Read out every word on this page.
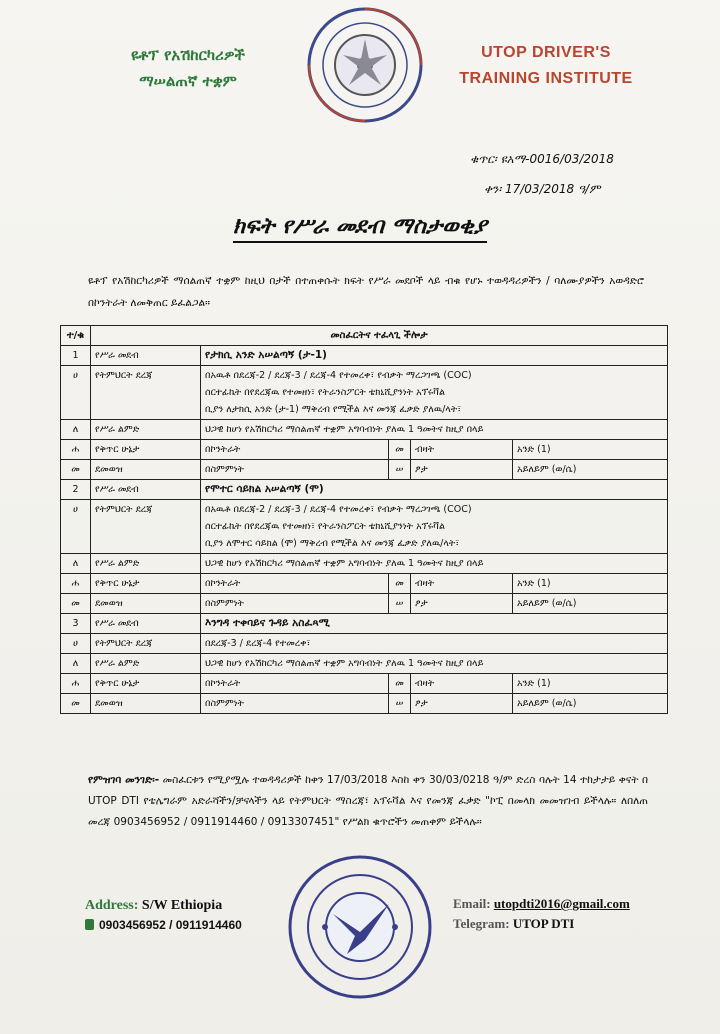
ዩቶፕ የአሽከርካሪዎች
ማሠልጠኛ ተቋም
UTOP DRIVER'S
TRAINING INSTITUTE
ቁጥር፡ ዩአማ-0016/03/2018
ቀን፡ 17/03/2018 ዓ/ም
ክፍት የሥራ መደብ ማስታወቂያ
ዩቶፕ የአሽከርካሪዎች ማሰልጠኛ ተቋም ከዚህ በታች በተጠቀሱት ክፍት የሥራ መደቦች ላይ ብቁ የሆኑ ተወዳዳሪዎችን / ባለሙያዎችን አወዳድሮ በኮንትራት ለመቅጠር ይፈልጋል።
ተ/ቁ	መስፈርትና ተፈላጊ ችሎታ				
1	የሥራ መደብ	የታክሲ አንድ አሠልጣኝ (ታ-1)			
ሀ	የትምህርት ደረጃ	በአዉቶ በደረጃ-2 / ደረጃ-3 / ደረጃ-4 የተመረቀ፣ የብቃት ማረጋገጫ (COC)
ሰርተፊኬት በየደረጃዉ የተመዘነ፣ የትራንስፖርት ቴክኒሺያንነት አፕሩቫል
ቢያን ለታክሲ አንድ (ታ-1) ማቅረብ የሚችል እና መንጃ ፈቃድ ያለዉ/ላት፣			

ለ	የሥራ ልምድ	ህጋዊ ከሆነ የአሽከርካሪ ማሰልጠኛ ተቋም አግባብነት ያለዉ 1 ዓመትና ከዚያ በላይ			
ሐ	የቅጥር ሁኔታ	በኮንትራት	መ	ብዛት	አንድ (1)
መ	ደመወዝ	በስምምነት	ሠ	ፆታ	አይለይም (ወ/ሴ)
2	የሥራ መደብ	የሞተር ሳይክል አሠልጣኝ (ሞ)			
ሀ	የትምህርት ደረጃ	በአዉቶ በደረጃ-2 / ደረጃ-3 / ደረጃ-4 የተመረቀ፣ የብቃት ማረጋገጫ (COC)
ሰርተፊኬት በየደረጃዉ የተመዘነ፣ የትራንስፖርት ቴክኒሺያንነት አፕሩቫል
ቢያን ለሞተር ሳይክል (ሞ) ማቅረብ የሚችል እና መንጃ ፈቃድ ያለዉ/ላት፣			

ለ	የሥራ ልምድ	ህጋዊ ከሆነ የአሽከርካሪ ማሰልጠኛ ተቋም አግባብነት ያለዉ 1 ዓመትና ከዚያ በላይ			
ሐ	የቅጥር ሁኔታ	በኮንትራት	መ	ብዛት	አንድ (1)
መ	ደመወዝ	በስምምነት	ሠ	ፆታ	አይለይም (ወ/ሴ)
3	የሥራ መደብ	እንግዳ ተቀባይና ጉዳይ አስፈጻሚ			
ሀ	የትምህርት ደረጃ	በደረጃ-3 / ደረጃ-4 የተመረቀ፣			
ለ	የሥራ ልምድ	ህጋዊ ከሆነ የአሽከርካሪ ማሰልጠኛ ተቋም አግባብነት ያለዉ 1 ዓመትና ከዚያ በላይ			
ሐ	የቅጥር ሁኔታ	በኮንትራት	መ	ብዛት	አንድ (1)
መ	ደመወዝ	በስምምነት	ሠ	ፆታ	አይለይም (ወ/ሴ)
የምዝገባ መንገድ፡- መስፈርቱን የሚያሟሉ ተወዳዳሪዎች ከቀን 17/03/2018 እስከ ቀን 30/03/0218 ዓ/ም ድረስ ባሉት 14 ተከታታይ ቀናት በ UTOP DTI የቴሌግራም አድራሻችን/ቻናላችን ላይ የትምህርት ማስረጃ፣ አፕሩቫል እና የመንጃ ፈቃድ "ኮፒ በመላክ መመዝገብ ይችላሉ። ለበለጠ መረጃ 0903456952 / 0911914460 / 0913307451" የሥልክ ቁጥሮችን መጠቀም ይችላሉ።
Address: S/W Ethiopia
0903456952 / 0911914460
Email: utopdti2016@gmail.com
Telegram: UTOP DTI
